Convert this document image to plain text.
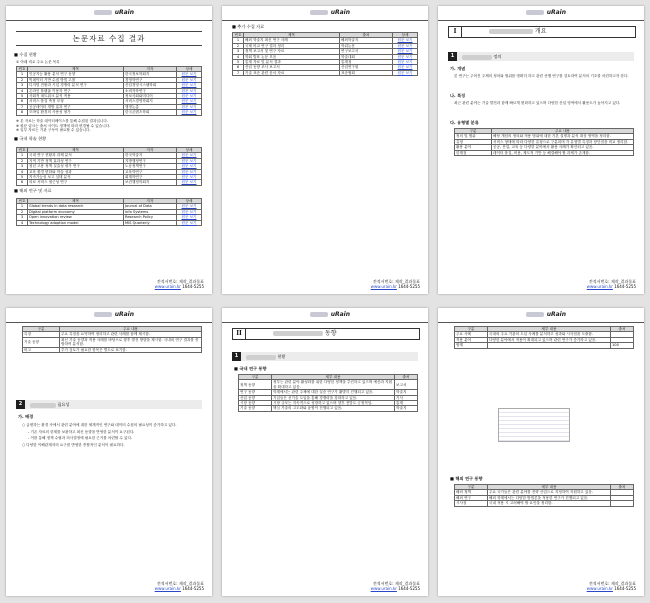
uRain
논문자료 수집 결과
■ 수집 현황
① 아래 비교 주요 논문 목록
번호	제목	저자	상세
1	인공지능 활용 분석 연구 동향	한국정보학회지	원문 보기
2	빅데이터 기반 수집 방법 고찰	경영학연구	원문 보기
3	디지털 전환과 기업 경쟁력 분석 연구	산업경영시스템학회	원문 보기
4	온라인 플랫폼 이용자 연구	소비자학연구	원문 보기
5	사회적 네트워크 분석 적용	정보사회와미디어	원문 보기
6	서비스 품질 측정 모형	서비스경영학회지	원문 보기
7	공공데이터 개방 효과 연구	행정논총	원문 보기
8	모바일 환경의 사용성 평가	한국콘텐츠학회	원문 보기
※ 본 자료는 학술 데이터베이스를 통해 수집된 결과입니다.
※ 원문 링크는 출처 사이트 정책에 따라 변경될 수 있습니다.
※ 일부 자료는 기관 구독이 필요할 수 있습니다.
■ 국내 학술 현황
번호	제목	저자	상세
1	국내 연구 현황과 과제 분석	한국학술지	원문 보기
2	지역 기반 정책 효과성 연구	지방행정연구	원문 보기
3	청년 고용 정책 실효성 평가 연구	노동정책연구	원문 보기
4	교육 환경 변화와 학습 성과	교육학연구	원문 보기
5	지속가능성 보고 실태 분석	회계학연구	원문 보기
6	의료 서비스 접근성 연구	보건행정학회지	원문 보기
■ 해외 연구 및 자료
번호	제목	저자	상세
1	Global trends in data research	Journal of Data	원문 보기
2	Digital platform economy	Info Systems	원문 보기
3	Open innovation review	Research Policy	원문 보기
4	Technology adoption model	MIS Quarterly	원문 보기
견적서번호: 제작_결과물표
www.urain.kr 1644-5255
uRain
■ 추가 수집 자료
번호	제목	출처	상세
1	해외 학술지 최신 연구 사례	해외학술지	원문 보기
2	국제 비교 연구 결과 정리	학위논문	원문 보기
3	정책 보고서 및 연구 자료	연구보고서	원문 보기
4	학회 발표 논문 모음	학술대회	원문 보기
5	통계 자료 및 분석 결과	통계청	원문 보기
6	산업 동향 조사 보고서	산업연구원	원문 보기
7	기술 표준 관련 문서 자료	표준협회	원문 보기
견적서번호: 제작_결과물표
www.urain.kr 1644-5255
uRain
I	개요
1	정의
가. 개념
본 연구는 주어진 주제의 정의와 범위를 명확히 하고 관련 선행 연구를 검토하여 분석의 기초를 마련하고자 한다.
나. 특징
최근 관련 분야는 기술 발전과 함께 빠르게 변화하고 있으며 다양한 산업 영역에서 활용도가 높아지고 있다.
다. 유형별 분류
구분	주요 내용
정의 및 범위	해당 개념의 정의와 적용 범위에 대한 기본 설명과 분석 대상 영역을 정리함.
유형	서비스 형태에 따라 다양한 유형으로 구분되며 각 유형별 특징과 장단점을 비교 정리함.
활용 분야	공공, 산업, 교육 등 다양한 분야에서 활용 사례가 확산되고 있음.
한계점	데이터 품질, 비용, 제도적 기반 등 해결해야 할 과제가 존재함.
견적서번호: 제작_결과물표
www.urain.kr 1644-5255
uRain
구분	주요 내용
특징	주요 특징을 요약하여 정리하고 관련 사례를 함께 제시함.
기술 동향	최신 기술 동향과 적용 사례를 바탕으로 향후 발전 방향을 제시함. 국내외 연구 결과를 종합하여 분석함.
비고	추가 검토가 필요한 항목은 별도로 표기함.
2	필요성
가. 배경
○ 급변하는 환경 속에서 관련 분야에 대한 체계적인 연구와 데이터 수집의 필요성이 증가하고 있다.
- 기존 자료의 한계를 보완하고 최신 동향을 반영한 분석이 요구된다.
- 이를 통해 정책 수립과 의사결정에 필요한 근거를 마련할 수 있다.
○ 다양한 이해관계자의 요구를 반영한 종합적인 분석이 필요하다.
견적서번호: 제작_결과물표
www.urain.kr 1644-5255
uRain
II	동향
1	현황
■ 국내 연구 동향
구분	세부 내용	출처
정책 동향	정부는 관련 분야 활성화를 위한 다양한 정책을 추진하고 있으며 예산과 지원을 확대하고 있음.	보고서
연구 동향	학계에서는 관련 주제에 대한 실증 연구가 활발히 진행되고 있음.	학술지
산업 동향	기업들은 신기술 도입을 통해 경쟁력을 강화하고 있음.	기사
시장 동향	시장 규모는 지속적으로 성장하고 있으며 향후 전망도 긍정적임.	통계
기술 동향	핵심 기술의 고도화와 융합이 진행되고 있음.	학술지
견적서번호: 제작_결과물표
www.urain.kr 1644-5255
uRain
구분	세부 내용	출처
주요 사례	국내외 주요 기관의 도입 사례를 분석하고 성과와 시사점을 도출함.	
적용 분야	다양한 분야에서 적용이 확대되고 있으며 관련 연구가 증가하고 있음.	
합계		100
■ 해외 연구 동향
구분	세부 내용	출처
해외 정책	주요 국가들은 관련 분야를 전략 산업으로 지정하여 지원하고 있음.	
해외 연구	해외 학계에서는 다양한 방법론을 적용한 연구가 진행되고 있음.	
시사점	국내 적용 시 고려해야 할 요인을 정리함.	
견적서번호: 제작_결과물표
www.urain.kr 1644-5255
